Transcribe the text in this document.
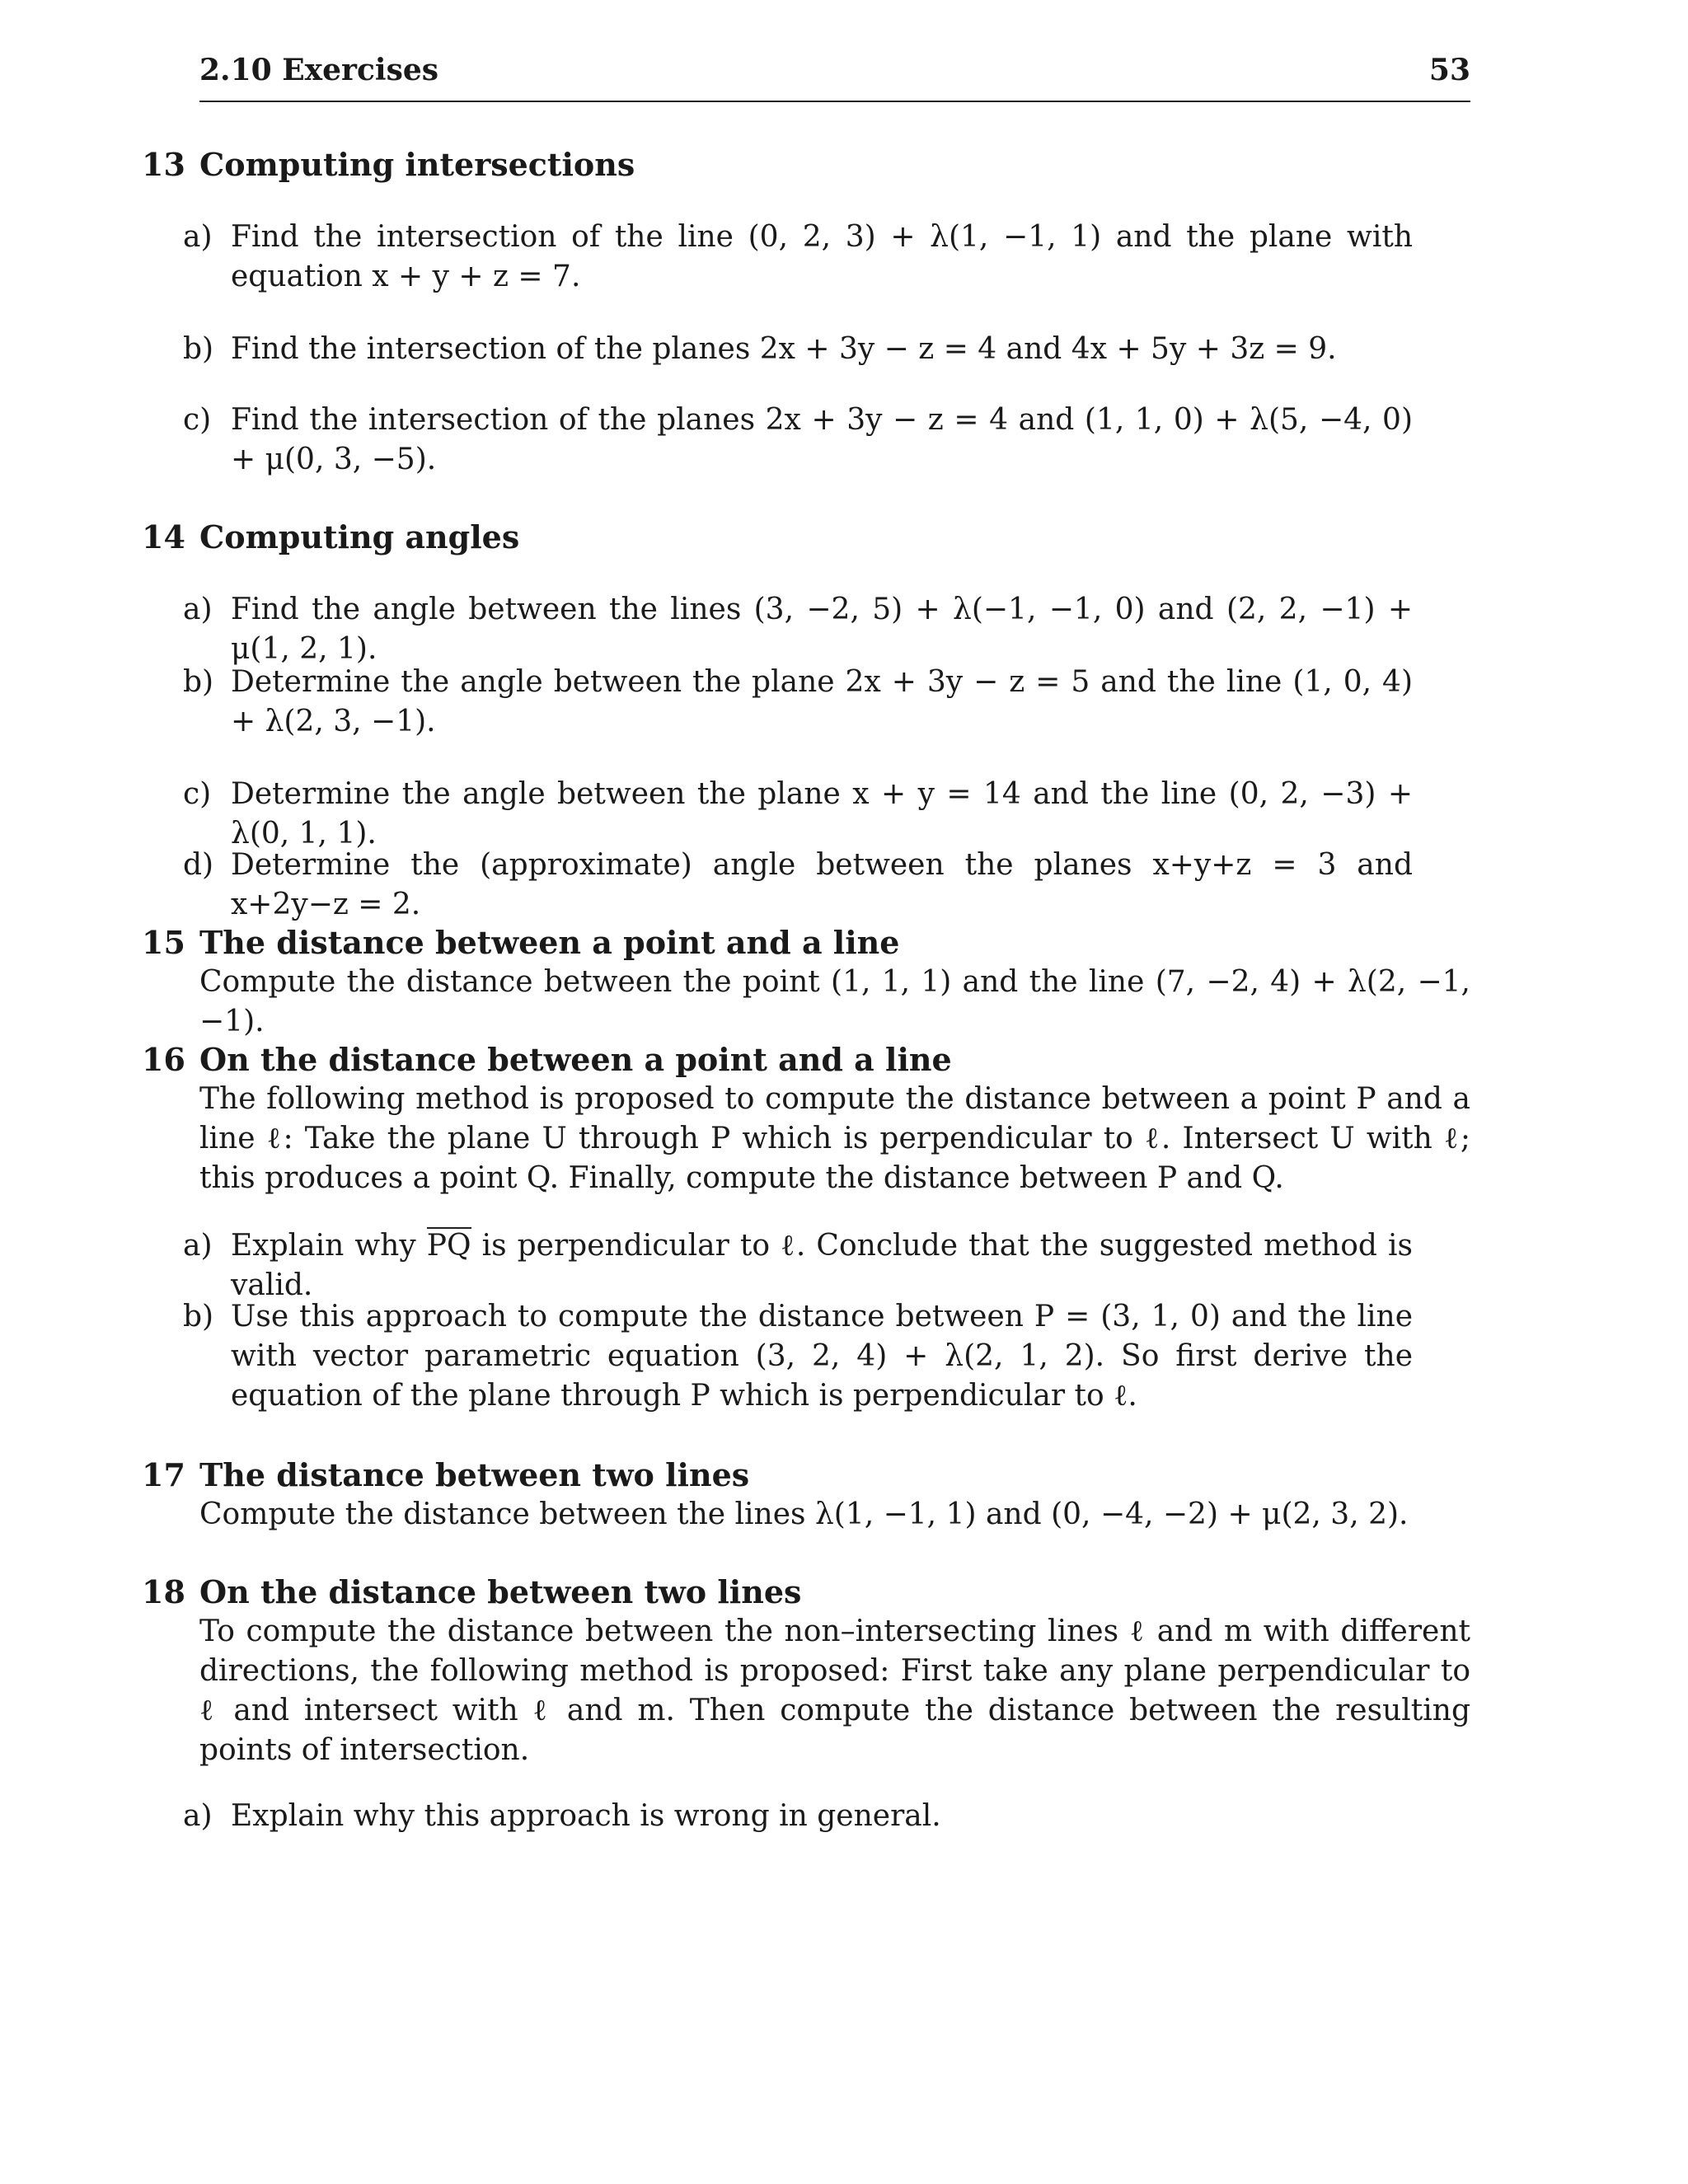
2.10 Exercises	53
13 Computing intersections
a) Find the intersection of the line (0, 2, 3) + λ(1, −1, 1) and the plane with equation x + y + z = 7.
b) Find the intersection of the planes 2x + 3y − z = 4 and 4x + 5y + 3z = 9.
c) Find the intersection of the planes 2x + 3y − z = 4 and (1, 1, 0) + λ(5, −4, 0) + μ(0, 3, −5).
14 Computing angles
a) Find the angle between the lines (3, −2, 5) + λ(−1, −1, 0) and (2, 2, −1) + μ(1, 2, 1).
b) Determine the angle between the plane 2x + 3y − z = 5 and the line (1, 0, 4) + λ(2, 3, −1).
c) Determine the angle between the plane x + y = 14 and the line (0, 2, −3) + λ(0, 1, 1).
d) Determine the (approximate) angle between the planes x+y+z = 3 and x+2y−z = 2.
15 The distance between a point and a line
Compute the distance between the point (1, 1, 1) and the line (7, −2, 4) + λ(2, −1, −1).
16 On the distance between a point and a line
The following method is proposed to compute the distance between a point P and a line ℓ: Take the plane U through P which is perpendicular to ℓ. Intersect U with ℓ; this produces a point Q. Finally, compute the distance between P and Q.
a) Explain why PQ is perpendicular to ℓ. Conclude that the suggested method is valid.
b) Use this approach to compute the distance between P = (3, 1, 0) and the line with vector parametric equation (3, 2, 4) + λ(2, 1, 2). So first derive the equation of the plane through P which is perpendicular to ℓ.
17 The distance between two lines
Compute the distance between the lines λ(1, −1, 1) and (0, −4, −2) + μ(2, 3, 2).
18 On the distance between two lines
To compute the distance between the non–intersecting lines ℓ and m with different directions, the following method is proposed: First take any plane perpendicular to ℓ and intersect with ℓ and m. Then compute the distance between the resulting points of intersection.
a) Explain why this approach is wrong in general.
